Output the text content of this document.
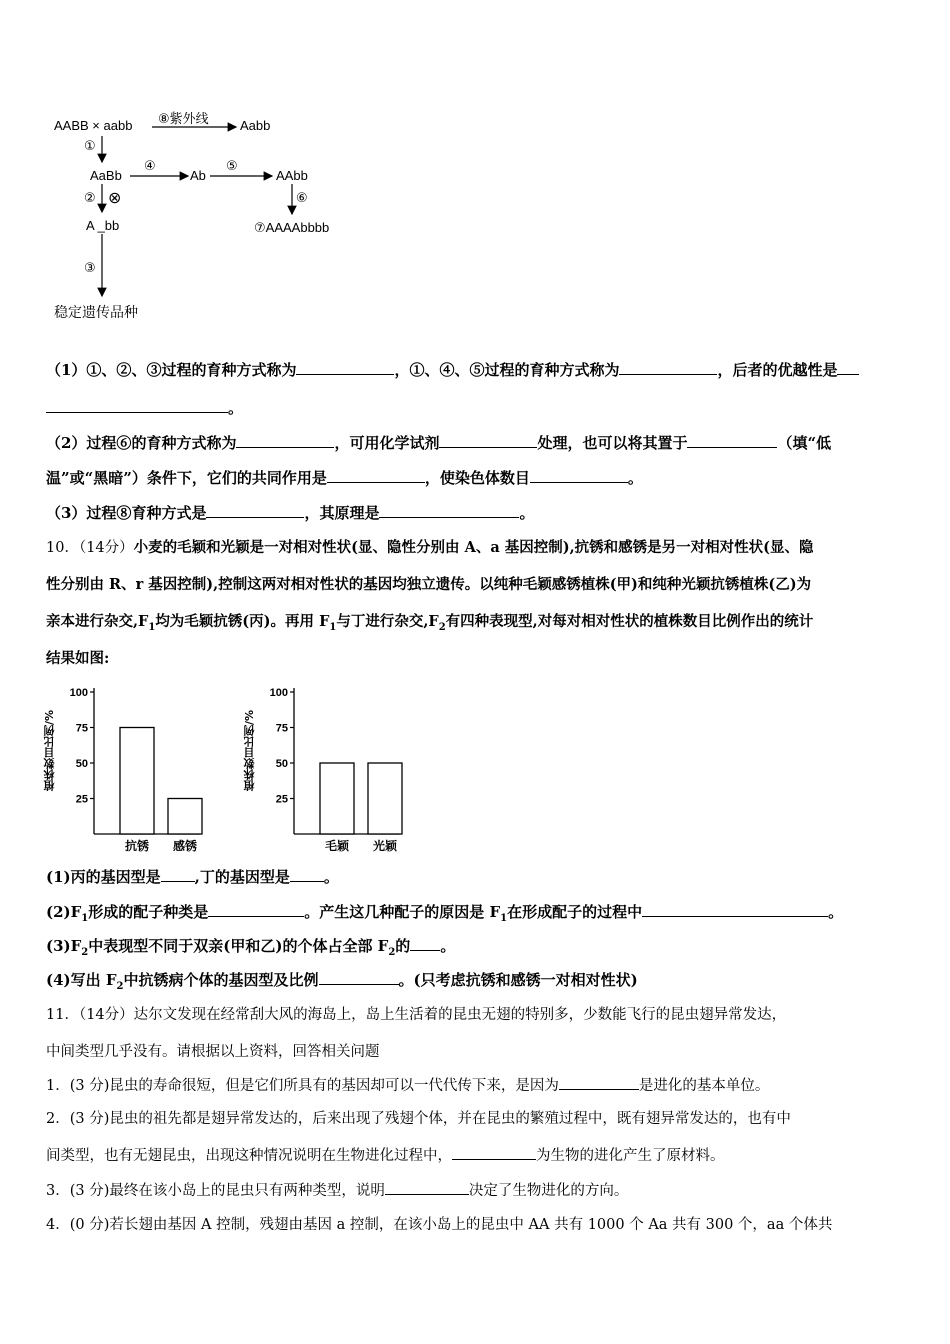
AABB × aabb ⑧紫外线 Aabb
①
AaBb
④
Ab
⑤
AAbb
② ⊗	⑥
A _bb	⑦AAAAbbbb
③
稳定遗传品种
（1）①、②、③过程的育种方式称为	，①、④、⑤过程的育种方式称为	，后者的优越性是
。
（2）过程⑥的育种方式称为	，可用化学试剂	处理，也可以将其置于	（填“低
温”或“黑暗”）条件下，它们的共同作用是	，使染色体数目	。
（3）过程⑧育种方式是	，其原理是	。
10．（14分）小麦的毛颖和光颖是一对相对性状(显、隐性分别由 A、a 基因控制),抗锈和感锈是另一对相对性状(显、隐
性分别由 R、r 基因控制),控制这两对相对性状的基因均独立遗传。以纯种毛颖感锈植株(甲)和纯种光颖抗锈植株(乙)为
亲本进行杂交$,F_1$均为毛颖抗锈(丙)。再用 $F_1$与丁进行杂交$,F_2$有四种表现型,对每对相对性状的植株数目比例作出的统计
结果如图:
植株数目比例/%
25
50
75
100
抗锈 感锈
植株数目比例/%
25
50
75
100
毛颖 光颖
(1)丙的基因型是 ,丁的基因型是 。
$(2)F_1$形成的配子种类是	。产生这几种配子的原因是 $F_1$在形成配子的过程中	。
$(3)F_2$中表现型不同于双亲(甲和乙)的个体占全部 $F_2$的 。
(4)写出 $F_2$中抗锈病个体的基因型及比例	。(只考虑抗锈和感锈一对相对性状)
11．（14分）达尔文发现在经常刮大风的海岛上，岛上生活着的昆虫无翅的特别多，少数能飞行的昆虫翅异常发达，
中间类型几乎没有。请根据以上资料，回答相关问题
1．(3 分)昆虫的寿命很短，但是它们所具有的基因却可以一代代传下来，是因为	是进化的基本单位。
2．(3 分)昆虫的祖先都是翅异常发达的，后来出现了残翅个体，并在昆虫的繁殖过程中，既有翅异常发达的，也有中
间类型，也有无翅昆虫，出现这种情况说明在生物进化过程中，	为生物的进化产生了原材料。
3．(3 分)最终在该小岛上的昆虫只有两种类型，说明	决定了生物进化的方向。
4．(0 分)若长翅由基因 A 控制，残翅由基因 a 控制，在该小岛上的昆虫中 AA 共有 1000 个 Aa 共有 300 个，aa 个体共
